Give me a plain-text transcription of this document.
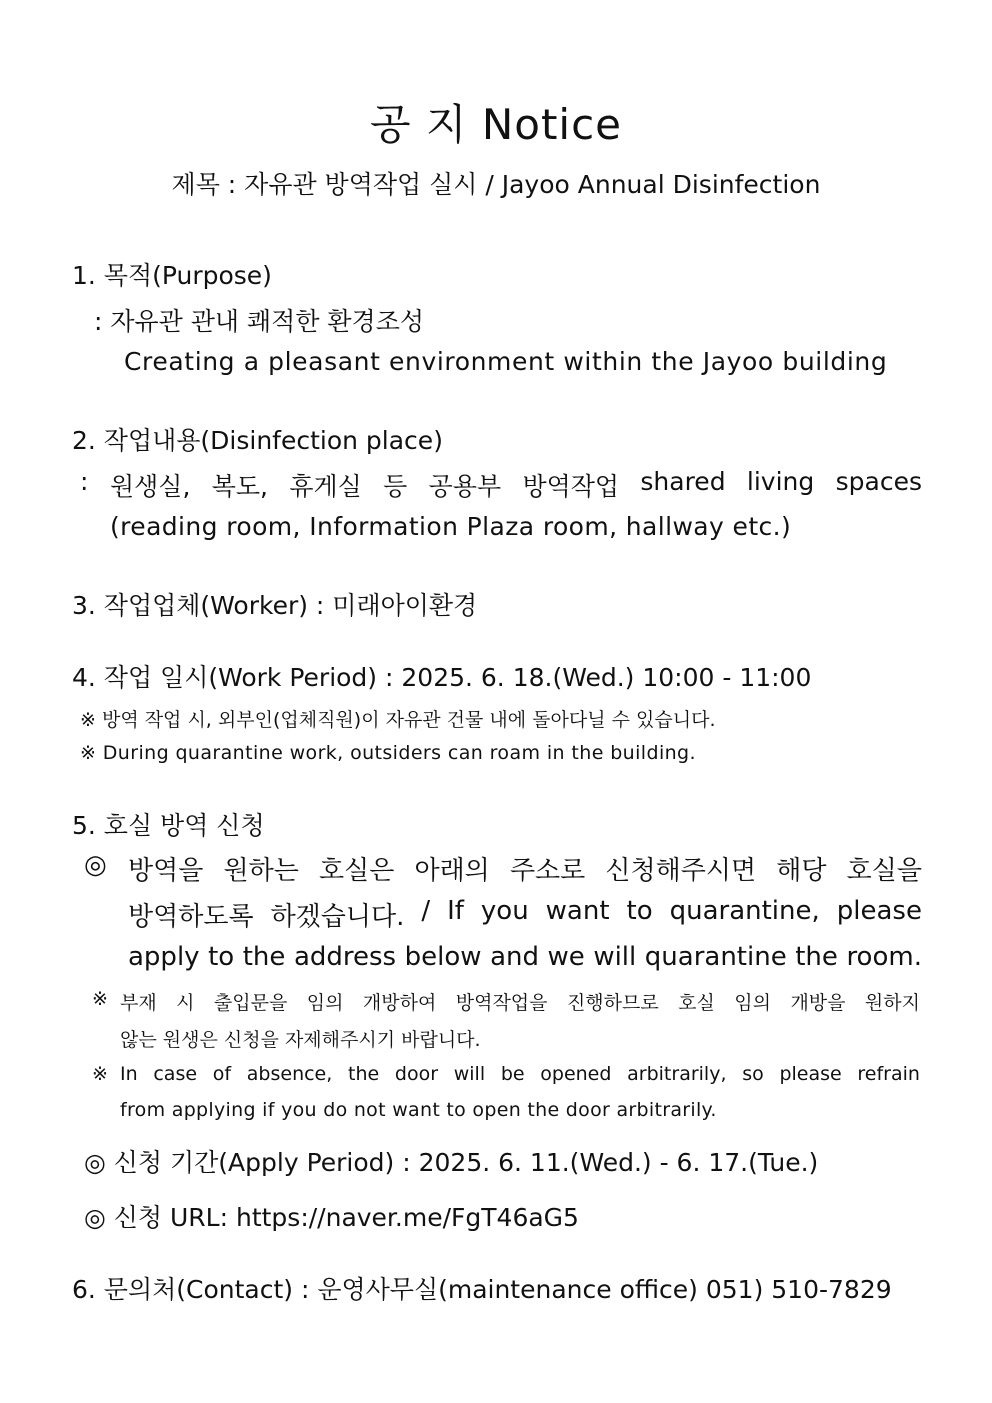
공 지 Notice
제목 : 자유관 방역작업 실시 / Jayoo Annual Disinfection
1. 목적(Purpose)
: 자유관 관내 쾌적한 환경조성
Creating a pleasant environment within the Jayoo building
2. 작업내용(Disinfection place)
: 원생실, 복도, 휴게실 등 공용부 방역작업 shared living spaces
(reading room, Information Plaza room, hallway etc.)
3. 작업업체(Worker) : 미래아이환경
4. 작업 일시(Work Period) : 2025. 6. 18.(Wed.) 10:00 - 11:00
※ 방역 작업 시, 외부인(업체직원)이 자유관 건물 내에 돌아다닐 수 있습니다.
※ During quarantine work, outsiders can roam in the building.
5. 호실 방역 신청
◎ 방역을 원하는 호실은 아래의 주소로 신청해주시면 해당 호실을
방역하도록 하겠습니다. / If you want to quarantine, please
apply to the address below and we will quarantine the room.
※ 부재 시 출입문을 임의 개방하여 방역작업을 진행하므로 호실 임의 개방을 원하지
않는 원생은 신청을 자제해주시기 바랍니다.
※ In case of absence, the door will be opened arbitrarily, so please refrain
from applying if you do not want to open the door arbitrarily.
◎ 신청 기간(Apply Period) : 2025. 6. 11.(Wed.) - 6. 17.(Tue.)
◎ 신청 URL: https://naver.me/FgT46aG5
6. 문의처(Contact) : 운영사무실(maintenance office) 051) 510-7829
